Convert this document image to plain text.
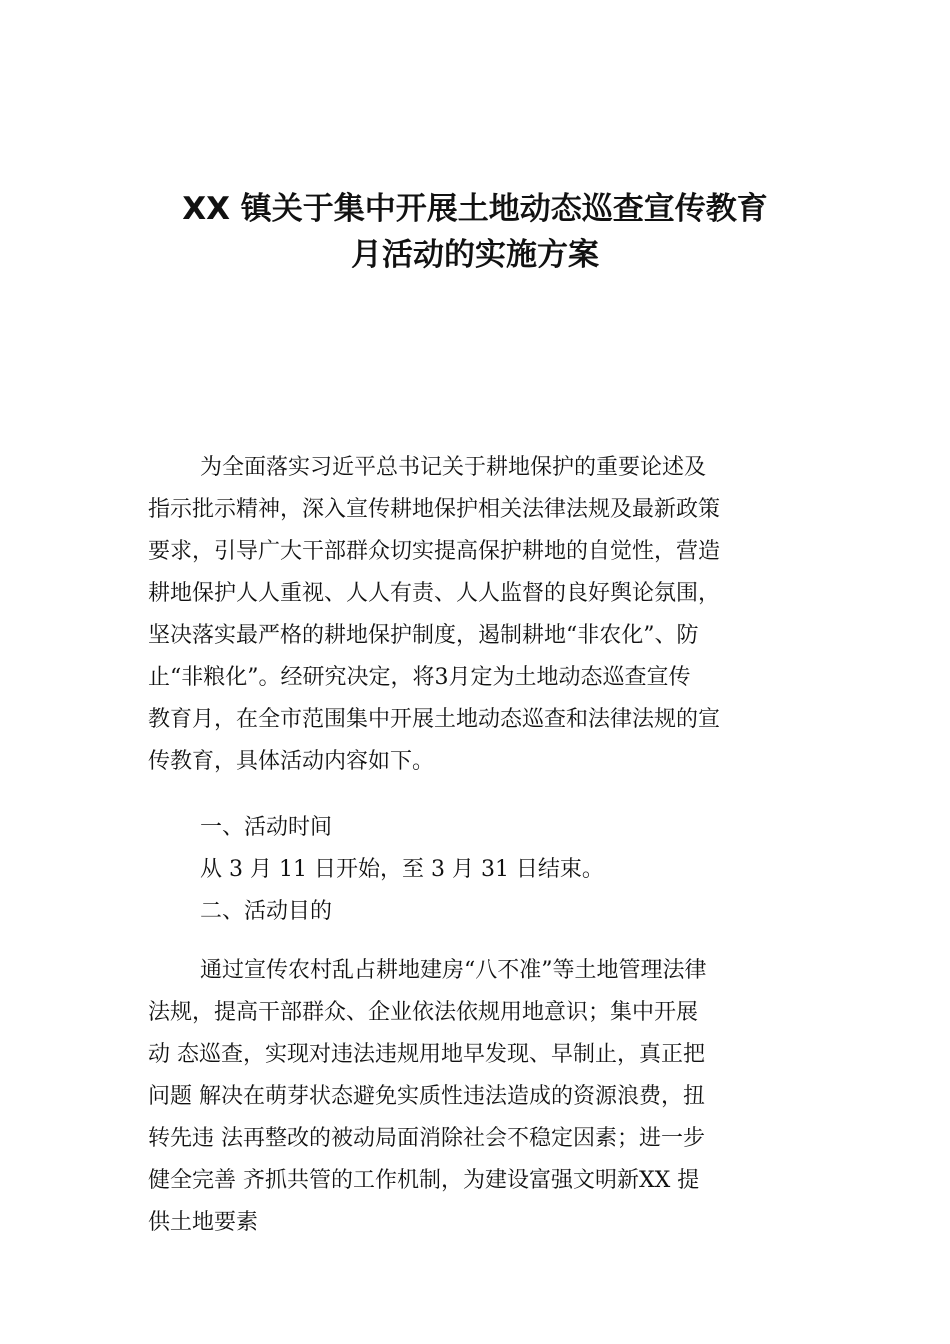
XX 镇关于集中开展土地动态巡查宣传教育
月活动的实施方案
为全面落实习近平总书记关于耕地保护的重要论述及
指示批示精神，深入宣传耕地保护相关法律法规及最新政策
要求，引导广大干部群众切实提高保护耕地的自觉性，营造
耕地保护人人重视、人人有责、人人监督的良好舆论氛围，
坚决落实最严格的耕地保护制度，遏制耕地“非农化”、防
止“非粮化”。经研究决定，将3月定为土地动态巡查宣传
教育月，在全市范围集中开展土地动态巡查和法律法规的宣
传教育，具体活动内容如下。
一、活动时间
从 3 月 11 日开始，至 3 月 31 日结束。
二、活动目的
通过宣传农村乱占耕地建房“八不准”等土地管理法律
法规，提高干部群众、企业依法依规用地意识；集中开展
动 态巡查，实现对违法违规用地早发现、早制止，真正把
问题 解决在萌芽状态避免实质性违法造成的资源浪费，扭
转先违 法再整改的被动局面消除社会不稳定因素；进一步
健全完善 齐抓共管的工作机制，为建设富强文明新XX 提
供土地要素
